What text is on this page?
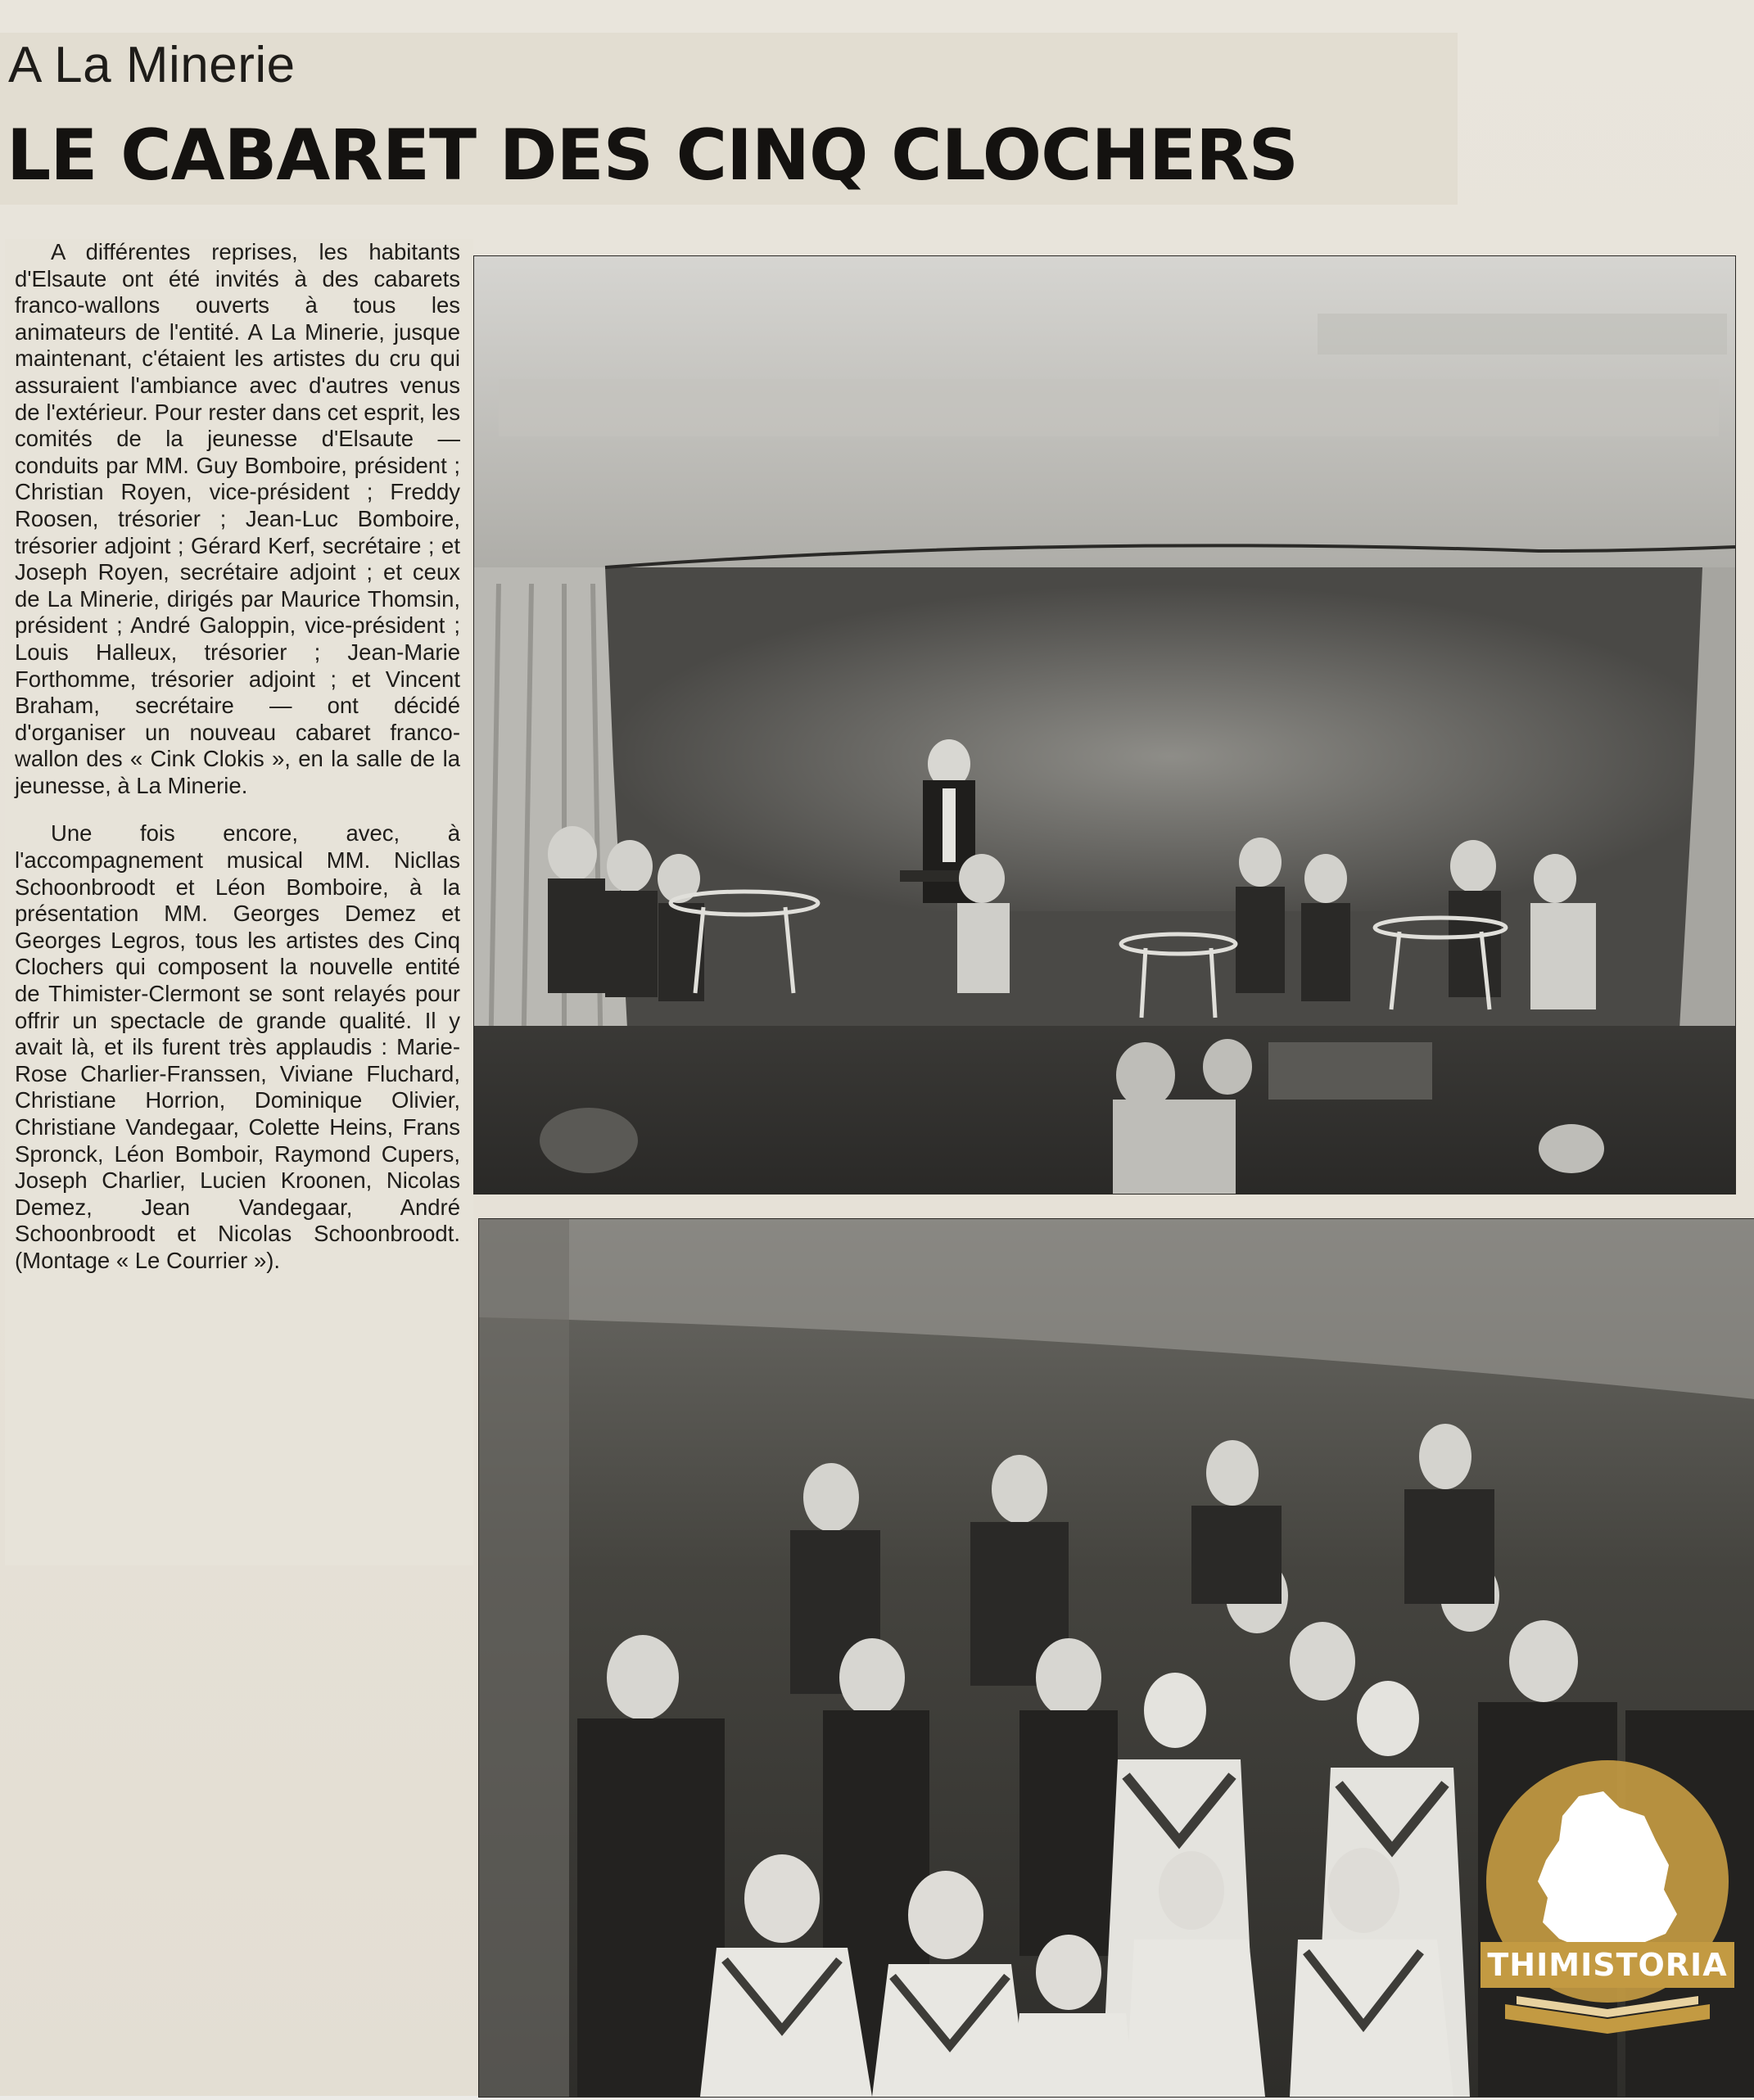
A La Minerie
LE CABARET DES CINQ CLOCHERS

A différentes reprises, les habitants d'Elsaute ont été invités à des cabarets franco-wallons ouverts à tous les animateurs de l'entité. A La Minerie, jusque maintenant, c'étaient les artistes du cru qui assuraient l'ambiance avec d'autres venus de l'extérieur. Pour rester dans cet esprit, les comités de la jeunesse d'Elsaute — conduits par MM. Guy Bomboire, président ; Christian Royen, vice-président ; Freddy Roosen, trésorier ; Jean-Luc Bomboire, trésorier adjoint ; Gérard Kerf, secrétaire ; et Joseph Royen, secrétaire adjoint ; et ceux de La Minerie, dirigés par Maurice Thomsin, président ; André Galoppin, vice-président ; Louis Halleux, trésorier ; Jean-Marie Forthomme, trésorier adjoint ; et Vincent Braham, secrétaire — ont décidé d'organiser un nouveau cabaret franco-wallon des « Cink Clokis », en la salle de la jeunesse, à La Minerie.

Une fois encore, avec, à l'accompagnement musical MM. Nicllas Schoonbroodt et Léon Bomboire, à la présentation MM. Georges Demez et Georges Legros, tous les artistes des Cinq Clochers qui composent la nouvelle entité de Thimister-Clermont se sont relayés pour offrir un spectacle de grande qualité. Il y avait là, et ils furent très applaudis : Marie-Rose Charlier-Franssen, Viviane Fluchard, Christiane Horrion, Dominique Olivier, Christiane Vandegaar, Colette Heins, Frans Spronck, Léon Bomboir, Raymond Cupers, Joseph Charlier, Lucien Kroonen, Nicolas Demez, Jean Vandegaar, André Schoonbroodt et Nicolas Schoonbroodt. (Montage « Le Courrier »).

THIMISTORIA
